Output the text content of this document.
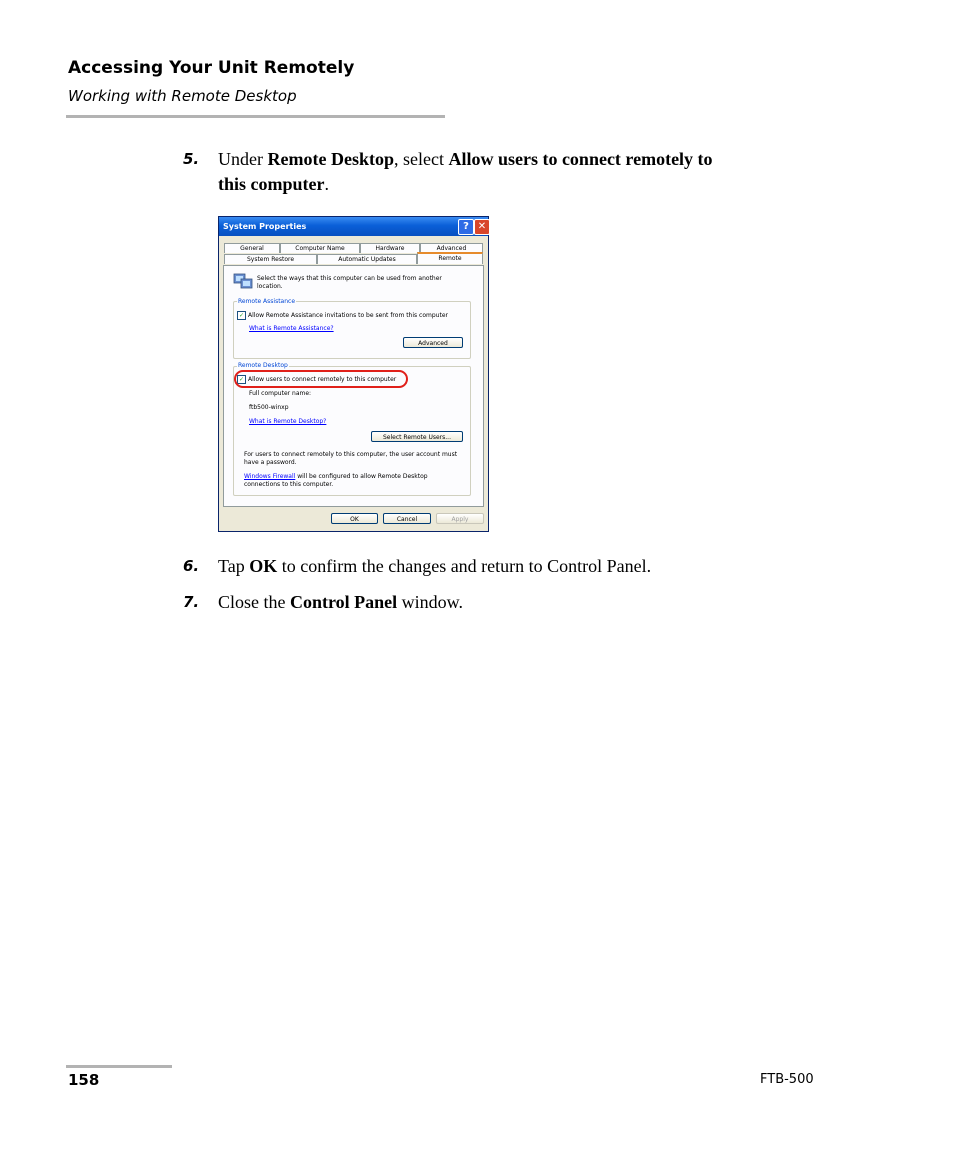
Accessing Your Unit Remotely
Working with Remote Desktop
5. Under Remote Desktop, select Allow users to connect remotely to
this computer.
System Properties	? ✕
General	Computer Name	Hardware	Advanced
System Restore	Automatic Updates	Remote
Select the ways that this computer can be used from another
location.
Remote Assistance
✓ Allow Remote Assistance invitations to be sent from this computer
What is Remote Assistance?
Advanced
Remote Desktop
✓ Allow users to connect remotely to this computer
Full computer name:
ftb500-winxp
What is Remote Desktop?
Select Remote Users...
For users to connect remotely to this computer, the user account must
have a password.
Windows Firewall will be configured to allow Remote Desktop
connections to this computer.
OK	Cancel	Apply
6. Tap OK to confirm the changes and return to Control Panel.
7. Close the Control Panel window.
158	FTB-500
